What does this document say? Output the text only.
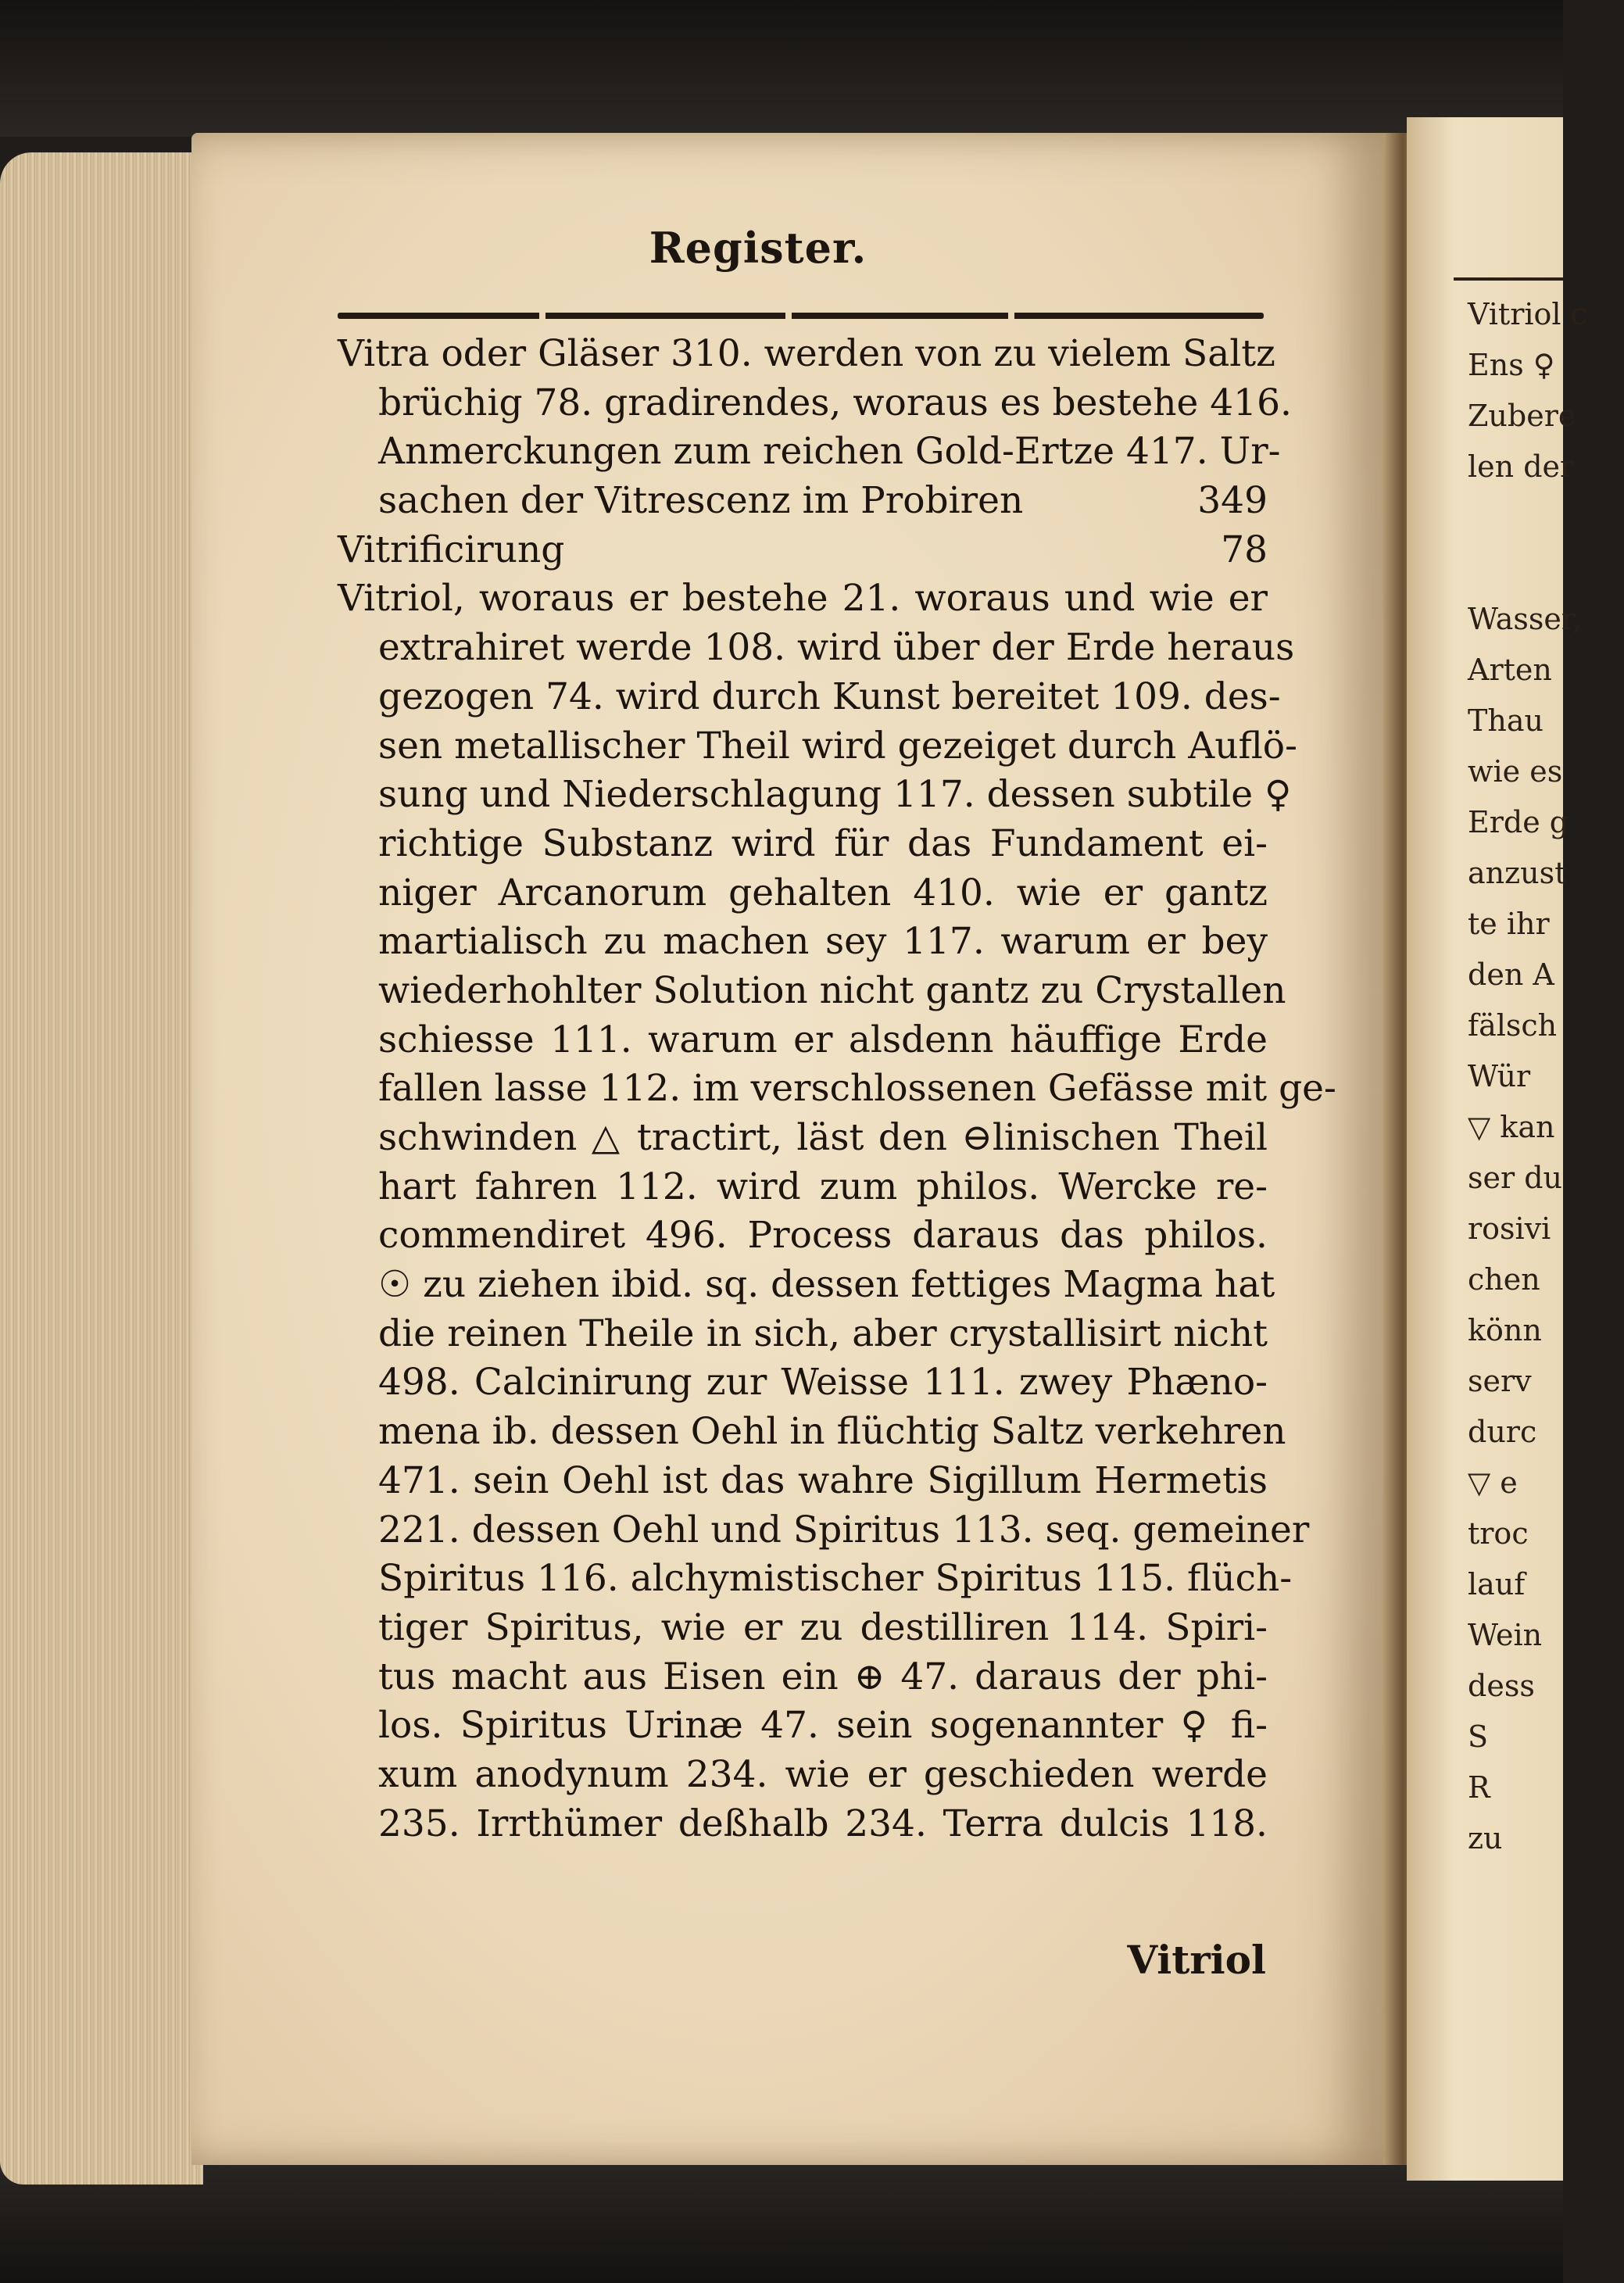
Register.
Vitra oder Gläser 310. werden von zu vielem Saltz
brüchig 78. gradirendes, woraus es bestehe 416.
Anmerckungen zum reichen Gold-Ertze 417. Ur-
sachen der Vitrescenz im Probiren	349
Vitrificirung	78
Vitriol, woraus er bestehe 21. woraus und wie er
extrahiret werde 108. wird über der Erde heraus
gezogen 74. wird durch Kunst bereitet 109. des-
sen metallischer Theil wird gezeiget durch Auflö-
sung und Niederschlagung 117. dessen subtile ♀
richtige Substanz wird für das Fundament ei-
niger Arcanorum gehalten 410. wie er gantz
martialisch zu machen sey 117. warum er bey
wiederhohlter Solution nicht gantz zu Crystallen
schiesse 111. warum er alsdenn häuffige Erde
fallen lasse 112. im verschlossenen Gefässe mit ge-
schwinden △ tractirt, läst den ⊖linischen Theil
hart fahren 112. wird zum philos. Wercke re-
commendiret 496. Process daraus das philos.
☉ zu ziehen ibid. sq. dessen fettiges Magma hat
die reinen Theile in sich, aber crystallisirt nicht
498. Calcinirung zur Weisse 111. zwey Phæno-
mena ib. dessen Oehl in flüchtig Saltz verkehren
471. sein Oehl ist das wahre Sigillum Hermetis
221. dessen Oehl und Spiritus 113. seq. gemeiner
Spiritus 116. alchymistischer Spiritus 115. flüch-
tiger Spiritus, wie er zu destilliren 114. Spiri-
tus macht aus Eisen ein ⊕ 47. daraus der phi-
los. Spiritus Urinæ 47. sein sogenannter ♀ fi-
xum anodynum 234. wie er geschieden werde
235. Irrthümer deßhalb 234. Terra dulcis 118.
Vitriol
Vitriol c
Ens ♀
Zubere
len der
Wasser,
Arten
Thau
wie es
Erde g
anzust
te ihr
den A
fälsch
Wür
▽ kan
ser du
rosivi
chen
könn
serv
durc
▽ e
troc
lauf
Wein
dess
S
R
zu
